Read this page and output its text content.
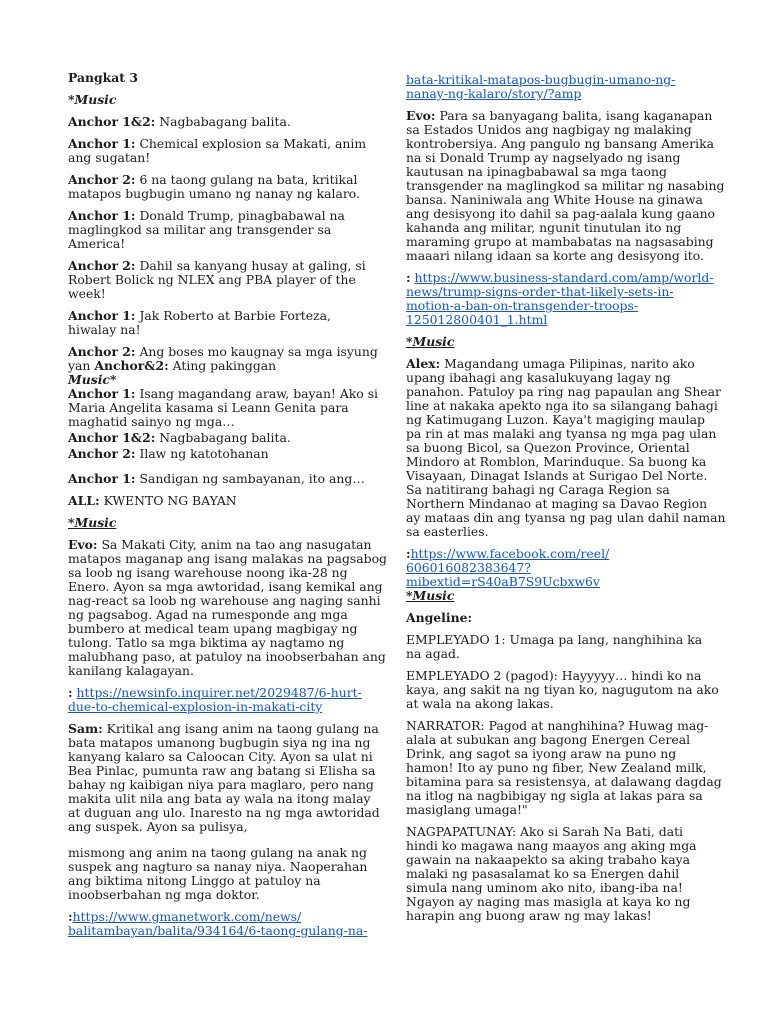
Pangkat 3
*Music
Anchor 1&2: Nagbabagang balita.
Anchor 1: Chemical explosion sa Makati, anim
ang sugatan!
Anchor 2: 6 na taong gulang na bata, kritikal
matapos bugbugin umano ng nanay ng kalaro.
Anchor 1: Donald Trump, pinagbabawal na
maglingkod sa militar ang transgender sa
America!
Anchor 2: Dahil sa kanyang husay at galing, si
Robert Bolick ng NLEX ang PBA player of the
week!
Anchor 1: Jak Roberto at Barbie Forteza,
hiwalay na!
Anchor 2: Ang boses mo kaugnay sa mga isyung
yan Anchor&2: Ating pakinggan
Music*
Anchor 1: Isang magandang araw, bayan! Ako si
Maria Angelita kasama si Leann Genita para
maghatid sainyo ng mga…
Anchor 1&2: Nagbabagang balita.
Anchor 2: Ilaw ng katotohanan
Anchor 1: Sandigan ng sambayanan, ito ang…
ALL: KWENTO NG BAYAN
*Music
Evo: Sa Makati City, anim na tao ang nasugatan
matapos maganap ang isang malakas na pagsabog
sa loob ng isang warehouse noong ika-28 ng
Enero. Ayon sa mga awtoridad, isang kemikal ang
nag-react sa loob ng warehouse ang naging sanhi
ng pagsabog. Agad na rumesponde ang mga
bumbero at medical team upang magbigay ng
tulong. Tatlo sa mga biktima ay nagtamo ng
malubhang paso, at patuloy na inoobserbahan ang
kanilang kalagayan.
: https://newsinfo.inquirer.net/2029487/6-hurt-
due-to-chemical-explosion-in-makati-city
Sam: Kritikal ang isang anim na taong gulang na
bata matapos umanong bugbugin siya ng ina ng
kanyang kalaro sa Caloocan City. Ayon sa ulat ni
Bea Pinlac, pumunta raw ang batang si Elisha sa
bahay ng kaibigan niya para maglaro, pero nang
makita ulit nila ang bata ay wala na itong malay
at duguan ang ulo. Inaresto na ng mga awtoridad
ang suspek. Ayon sa pulisya,
mismong ang anim na taong gulang na anak ng
suspek ang nagturo sa nanay niya. Naoperahan
ang biktima nitong Linggo at patuloy na
inoobserbahan ng mga doktor.
:https://www.gmanetwork.com/news/
balitambayan/balita/934164/6-taong-gulang-na-
bata-kritikal-matapos-bugbugin-umano-ng-
nanay-ng-kalaro/story/?amp
Evo: Para sa banyagang balita, isang kaganapan
sa Estados Unidos ang nagbigay ng malaking
kontrobersiya. Ang pangulo ng bansang Amerika
na si Donald Trump ay nagselyado ng isang
kautusan na ipinagbabawal sa mga taong
transgender na maglingkod sa militar ng nasabing
bansa. Naniniwala ang White House na ginawa
ang desisyong ito dahil sa pag-aalala kung gaano
kahanda ang militar, ngunit tinutulan ito ng
maraming grupo at mambabatas na nagsasabing
maaari nilang idaan sa korte ang desisyong ito.
: https://www.business-standard.com/amp/world-
news/trump-signs-order-that-likely-sets-in-
motion-a-ban-on-transgender-troops-
125012800401_1.html
*Music
Alex: Magandang umaga Pilipinas, narito ako
upang ibahagi ang kasalukuyang lagay ng
panahon. Patuloy pa ring nag papaulan ang Shear
line at nakaka apekto nga ito sa silangang bahagi
ng Katimugang Luzon. Kaya't magiging maulap
pa rin at mas malaki ang tyansa ng mga pag ulan
sa buong Bicol, sa Quezon Province, Oriental
Mindoro at Romblon, Marinduque. Sa buong ka
Visayaan, Dinagat Islands at Surigao Del Norte.
Sa natitirang bahagi ng Caraga Region sa
Northern Mindanao at maging sa Davao Region
ay mataas din ang tyansa ng pag ulan dahil naman
sa easterlies.
:https://www.facebook.com/reel/
606016082383647?
mibextid=rS40aB7S9Ucbxw6v
*Music
Angeline:
EMPLEYADO 1: Umaga pa lang, nanghihina ka
na agad.
EMPLEYADO 2 (pagod): Hayyyyy… hindi ko na
kaya, ang sakit na ng tiyan ko, nagugutom na ako
at wala na akong lakas.
NARRATOR: Pagod at nanghihina? Huwag mag-
alala at subukan ang bagong Energen Cereal
Drink, ang sagot sa iyong araw na puno ng
hamon! Ito ay puno ng fiber, New Zealand milk,
bitamina para sa resistensya, at dalawang dagdag
na itlog na nagbibigay ng sigla at lakas para sa
masiglang umaga!"
NAGPAPATUNAY: Ako si Sarah Na Bati, dati
hindi ko magawa nang maayos ang aking mga
gawain na nakaapekto sa aking trabaho kaya
malaki ng pasasalamat ko sa Energen dahil
simula nang uminom ako nito, ibang-iba na!
Ngayon ay naging mas masigla at kaya ko ng
harapin ang buong araw ng may lakas!
